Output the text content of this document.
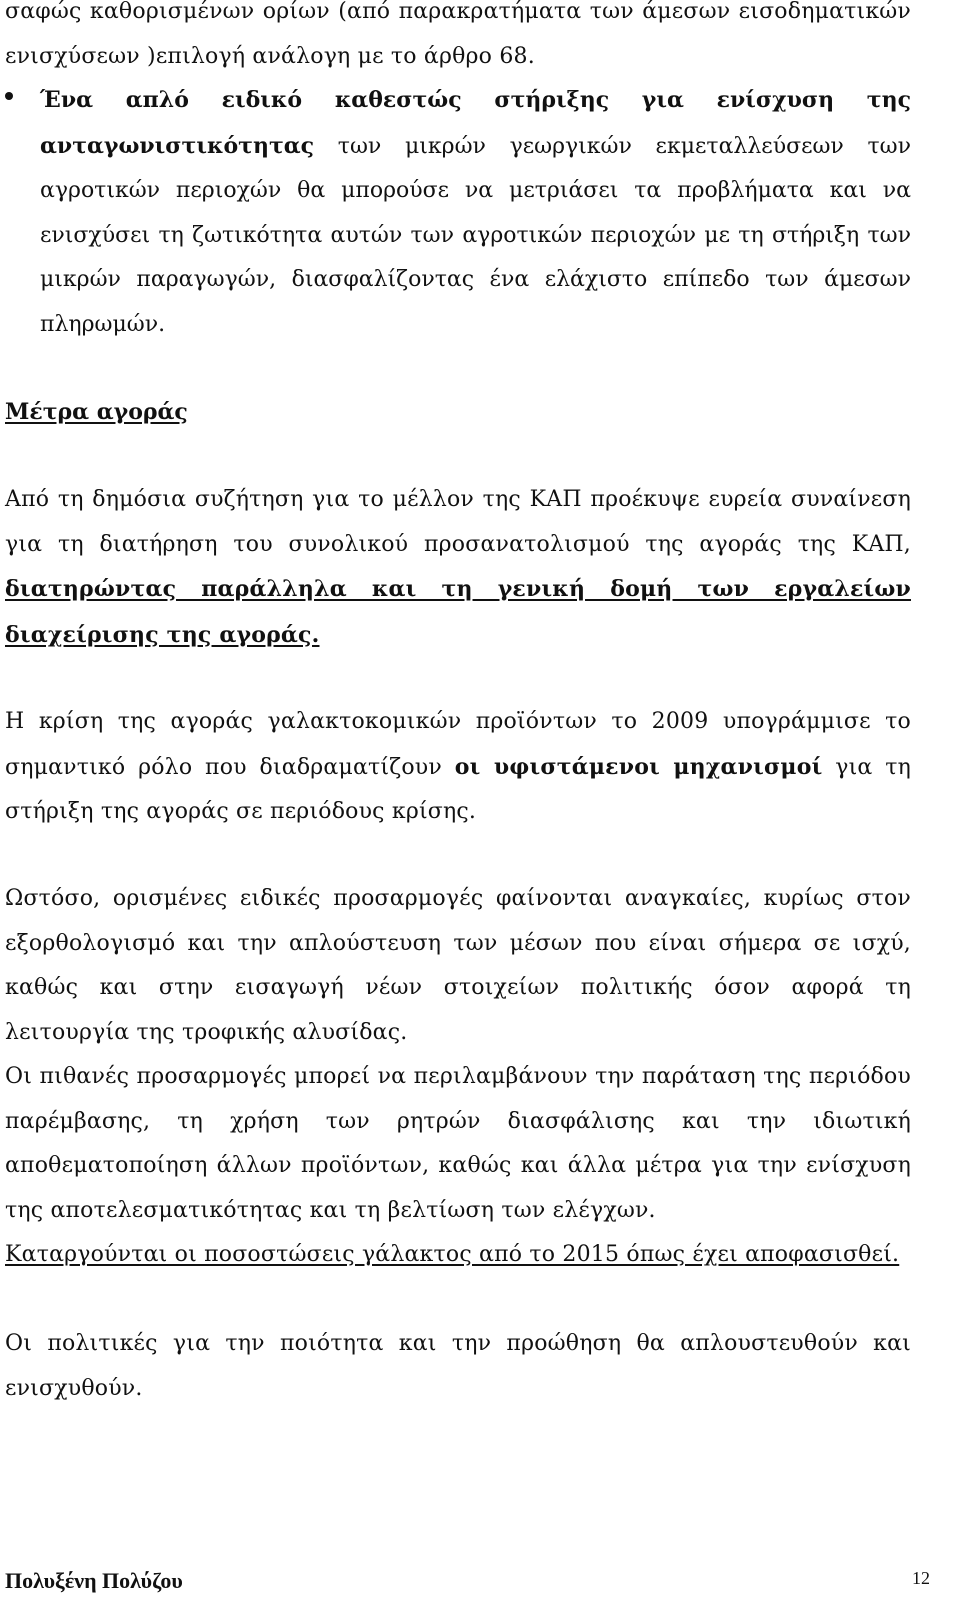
σαφώς καθορισμένων ορίων (από παρακρατήματα των άμεσων εισοδηματικών ενισχύσεων )επιλογή ανάλογη με το άρθρο 68.

Ένα απλό ειδικό καθεστώς στήριξης για ενίσχυση της ανταγωνιστικότητας των μικρών γεωργικών εκμεταλλεύσεων των αγροτικών περιοχών θα μπορούσε να μετριάσει τα προβλήματα και να ενισχύσει τη ζωτικότητα αυτών των αγροτικών περιοχών με τη στήριξη των μικρών παραγωγών, διασφαλίζοντας ένα ελάχιστο επίπεδο των άμεσων πληρωμών.

Μέτρα αγοράς

Από τη δημόσια συζήτηση για το μέλλον της ΚΑΠ προέκυψε ευρεία συναίνεση για τη διατήρηση του συνολικού προσανατολισμού της αγοράς της ΚΑΠ, διατηρώντας παράλληλα και τη γενική δομή των εργαλείων διαχείρισης της αγοράς.

Η κρίση της αγοράς γαλακτοκομικών προϊόντων το 2009 υπογράμμισε το σημαντικό ρόλο που διαδραματίζουν οι υφιστάμενοι μηχανισμοί για τη στήριξη της αγοράς σε περιόδους κρίσης.

Ωστόσο, ορισμένες ειδικές προσαρμογές φαίνονται αναγκαίες, κυρίως στον εξορθολογισμό και την απλούστευση των μέσων που είναι σήμερα σε ισχύ, καθώς και στην εισαγωγή νέων στοιχείων πολιτικής όσον αφορά τη λειτουργία της τροφικής αλυσίδας.

Οι πιθανές προσαρμογές μπορεί να περιλαμβάνουν την παράταση της περιόδου παρέμβασης, τη χρήση των ρητρών διασφάλισης και την ιδιωτική αποθεματοποίηση άλλων προϊόντων, καθώς και άλλα μέτρα για την ενίσχυση της αποτελεσματικότητας και τη βελτίωση των ελέγχων.

Καταργούνται οι ποσοστώσεις γάλακτος από το 2015 όπως έχει αποφασισθεί.

Οι πολιτικές για την ποιότητα και την προώθηση θα απλουστευθούν και ενισχυθούν.

Πολυξένη Πολύζου	12
